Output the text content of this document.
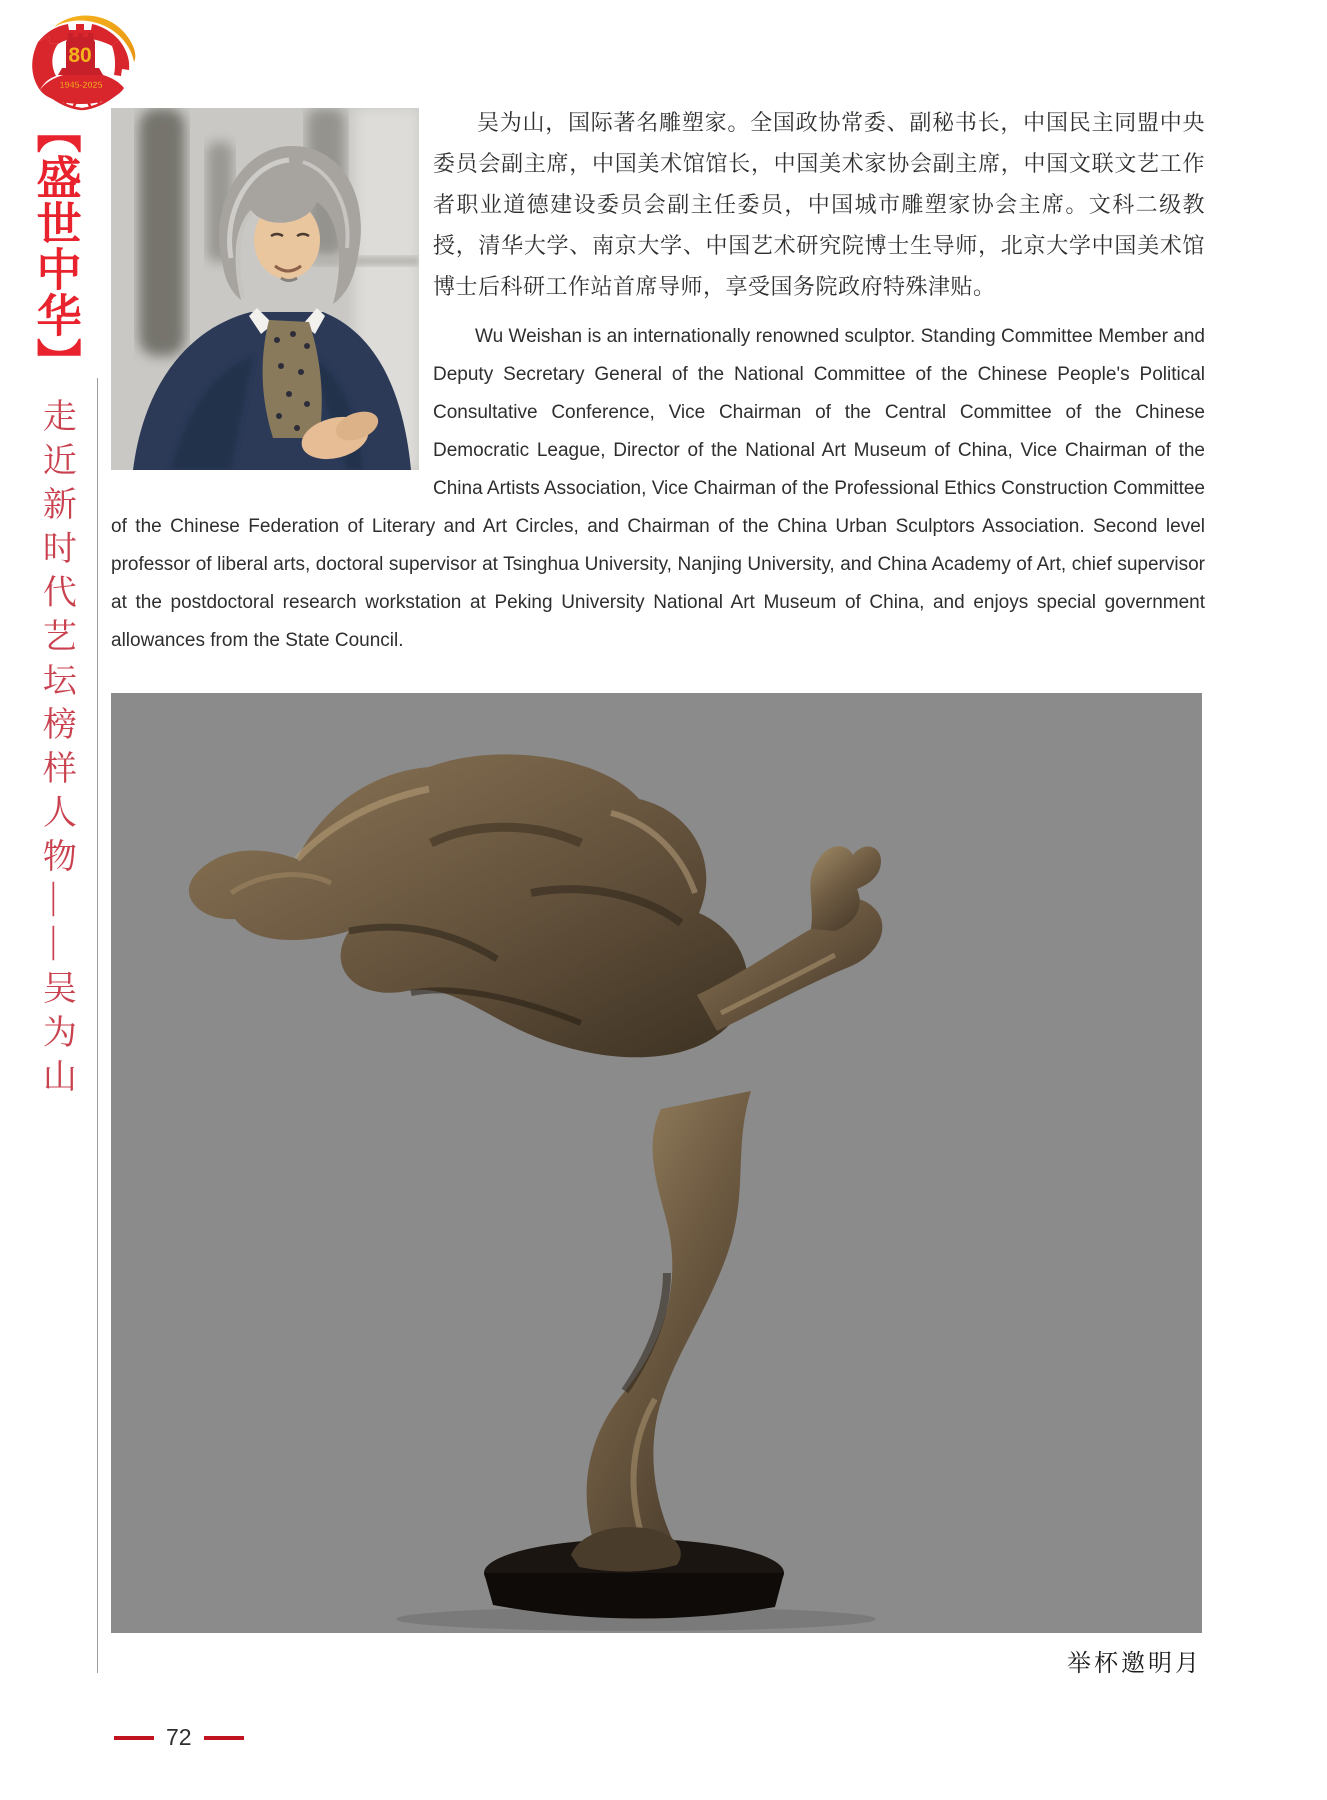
80
1945-2025
【盛世中华】
走近新时代艺坛榜样人物——吴为山

吴为山，国际著名雕塑家。全国政协常委、副秘书长，中国民主同盟中央委员会副主席，中国美术馆馆长，中国美术家协会副主席，中国文联文艺工作者职业道德建设委员会副主任委员，中国城市雕塑家协会主席。文科二级教授，清华大学、南京大学、中国艺术研究院博士生导师，北京大学中国美术馆博士后科研工作站首席导师，享受国务院政府特殊津贴。

Wu Weishan is an internationally renowned sculptor. Standing Committee Member and Deputy Secretary General of the National Committee of the Chinese People's Political Consultative Conference, Vice Chairman of the Central Committee of the Chinese Democratic League, Director of the National Art Museum of China, Vice Chairman of the China Artists Association, Vice Chairman of the Professional Ethics Construction Committee of the Chinese Federation of Literary and Art Circles, and Chairman of the China Urban Sculptors Association. Second level professor of liberal arts, doctoral supervisor at Tsinghua University, Nanjing University, and China Academy of Art, chief supervisor at the postdoctoral research workstation at Peking University National Art Museum of China, and enjoys special government allowances from the State Council.

举杯邀明月
72
